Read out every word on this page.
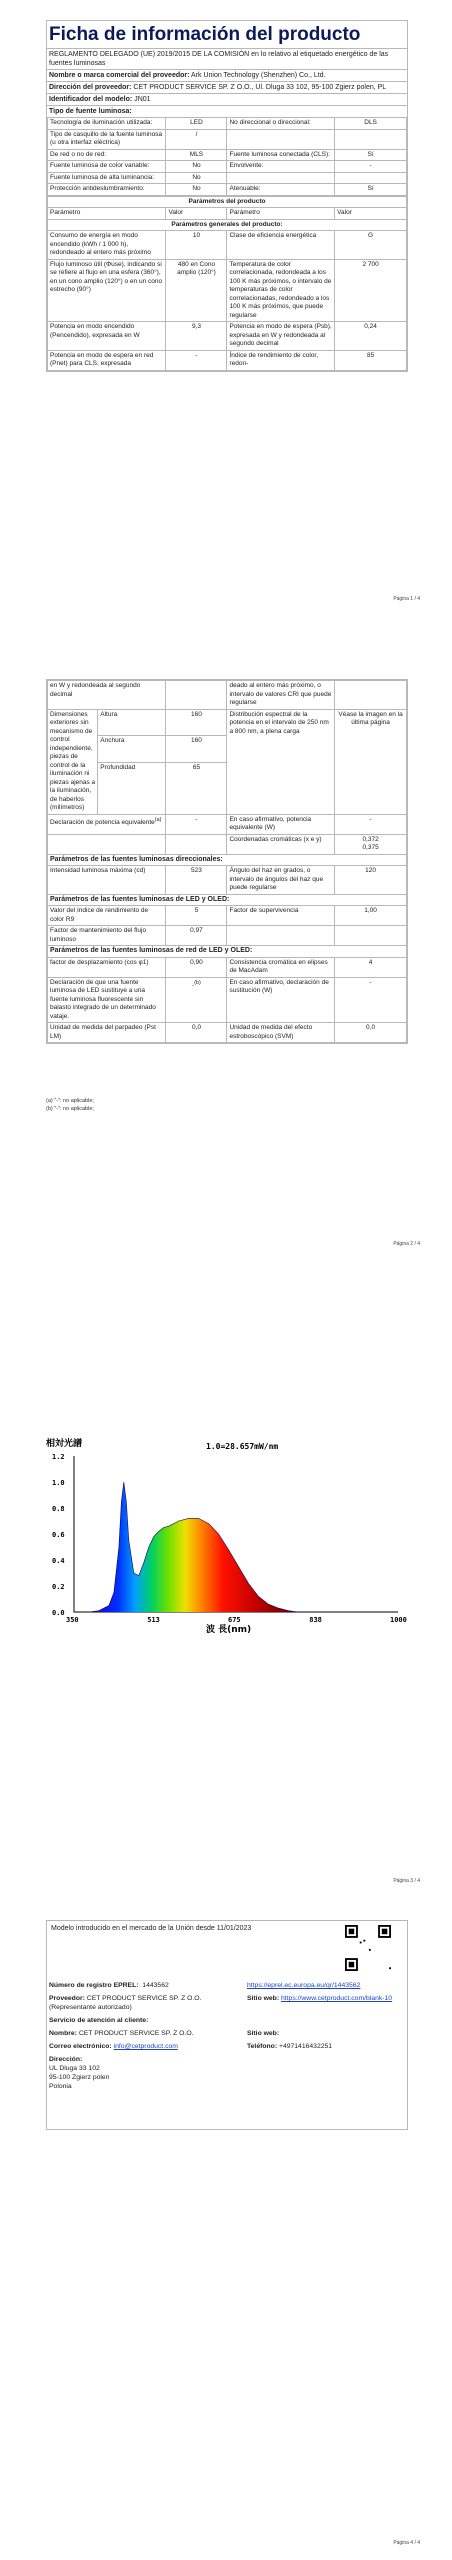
Ficha de información del producto
REGLAMENTO DELEGADO (UE) 2019/2015 DE LA COMISIÓN en lo relativo al etiquetado energético de las fuentes luminosas
Nombre o marca comercial del proveedor: Ark Union Technology (Shenzhen) Co., Ltd.
Dirección del proveedor: CET PRODUCT SERVICE SP. Z O.O., Ul. Dluga 33 102, 95-100 Zgierz polen, PL
Identificador del modelo: JN01
Tipo de fuente luminosa:
Tecnología de iluminación utilizada:	LED	No direccional o direccional:	DLS
Tipo de casquillo de la fuente luminosa (u otra interfaz eléctrica)	/		
De red o no de red:	MLS	Fuente luminosa conectada (CLS):	Sí
Fuente luminosa de color variable:	No	Envolvente:	-
Fuente luminosa de alta luminancia:	No		
Protección antideslumbramiento:	No	Atenuable:	Sí
Parámetros del producto			
Parámetro	Valor	Parámetro	Valor
Parámetros generales del producto:			
Consumo de energía en modo encendido (kWh / 1 000 h), redondeado al entero más próximo	10	Clase de eficiencia energética	G
Flujo luminoso útil (Φuse), indicando si se refiere al flujo en una esfera (360°), en un cono amplio (120°) o en un cono estrecho (90°)	480 en Cono amplio (120°)	Temperatura de color correlacionada, redondeada a los 100 K más próximos, o intervalo de temperaturas de color correlacionadas, redondeado a los 100 K más próximos, que puede regularse	2 700
Potencia en modo encendido (Pencendido), expresada en W	9,3	Potencia en modo de espera (Psb), expresada en W y redondeada al segundo decimal	0,24
Potencia en modo de espera en red (Pnet) para CLS, expresada	-	Índice de rendimiento de color, redon-	85
Página 1 / 4
en W y redondeada al segundo decimal			deado al entero más próximo, o intervalo de valores CRI que puede regularse	
Dimensiones exteriores sin mecanismo de control independiente, piezas de control de la iluminación ni piezas ajenas a la iluminación, de haberlos (milímetros)	Altura	160	Distribución espectral de la potencia en el intervalo de 250 nm a 800 nm, a plena carga	Véase la imagen en la última página
	Anchura	160		
	Profundidad	65		
Declaración de potencia equivalente$^{(a)}$		-	En caso afirmativo, potencia equivalente (W)	-
			Coordenadas cromáticas (x e y)	0,372
0,375
Parámetros de las fuentes luminosas direccionales:				
Intensidad luminosa máxima (cd)		523	Ángulo del haz en grados, o intervalo de ángulos del haz que puede regularse	120
Parámetros de las fuentes luminosas de LED y OLED:				
Valor del índice de rendimiento de color R9		5	Factor de supervivencia	1,00
Factor de mantenimiento del flujo luminoso		0,97		
Parámetros de las fuentes luminosas de red de LED y OLED:				
factor de desplazamiento (cos φ1)		0,90	Consistencia cromática en elipses de MacAdam	4
Declaración de que una fuente luminosa de LED sustituye a una fuente luminosa fluorescente sin balasto integrado de un determinado vataje.		-$^{(b)}$	En caso afirmativo, declaración de sustitución (W)	-
Unidad de medida del parpadeo (Pst LM)		0,0	Unidad de medida del efecto estroboscópico (SVM)	0,0
(a) "-": no aplicable;
(b) "-": no aplicable;
Página 2 / 4
相対光譜	1.0=28.657mW/nm
350	513	675	838	1000
0.0
0.2
0.4
0.6
0.8
1.0
1.2
波 長(nm)
Página 3 / 4
Modelo introducido en el mercado de la Unión desde 11/01/2023
Número de registro EPREL: 1443562	https://eprel.ec.europa.eu/qr/1443562
Proveedor: CET PRODUCT SERVICE SP. Z O.O. (Representante autorizado)	Sitio web: https://www.cetproduct.com/blank-10
Servicio de atención al cliente:	
Nombre: CET PRODUCT SERVICE SP. Z O.O.	Sitio web:
Correo electrónico: info@cetproduct.com	Teléfono: +4971416432251

Dirección:
UL Dluga 33 102
95-100 Zgierz polen
Polonia	
Página 4 / 4
